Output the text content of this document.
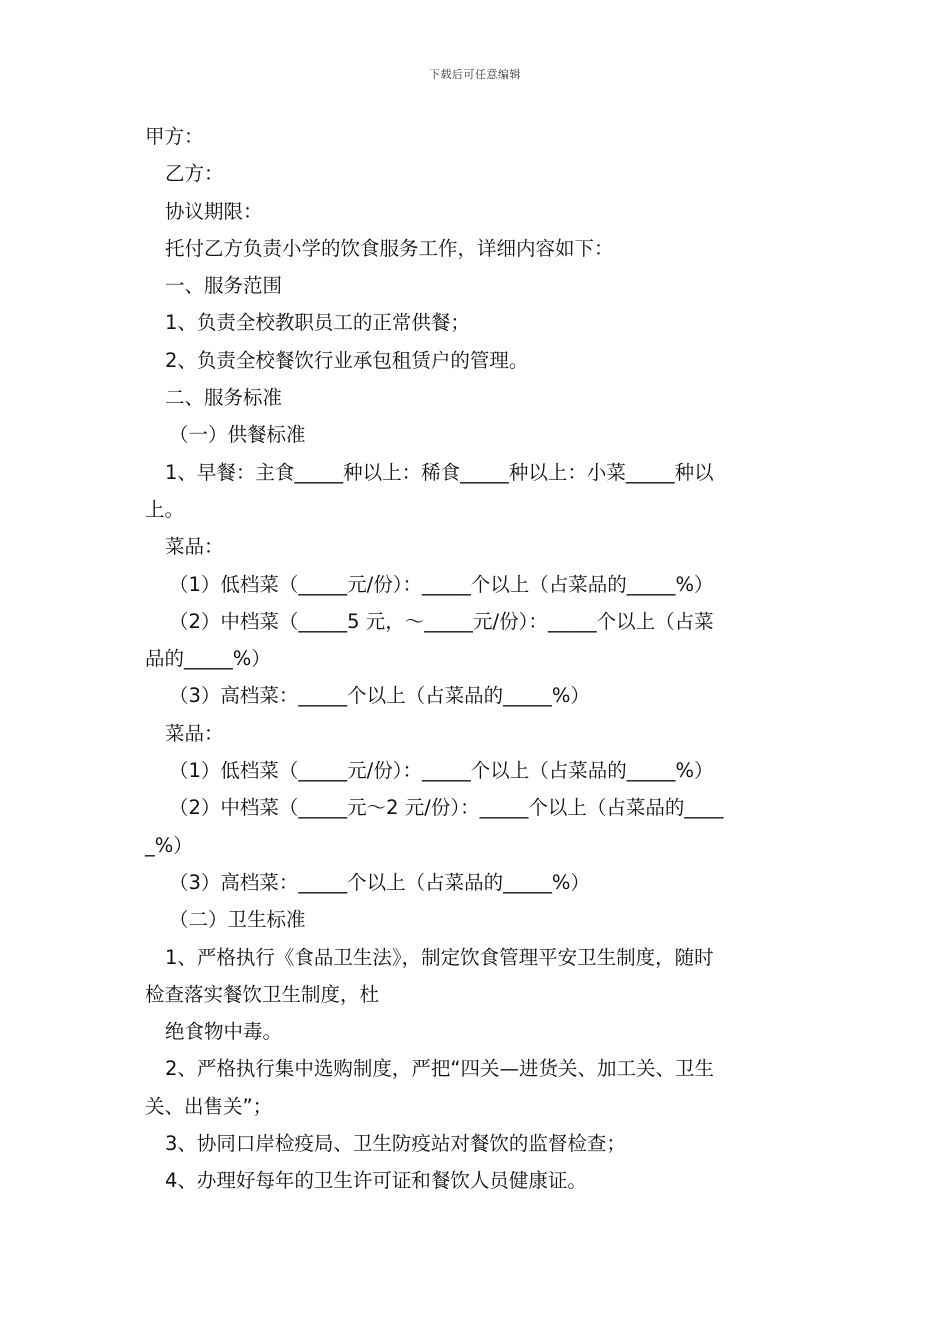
下载后可任意编辑
甲方：
乙方：
协议期限：
托付乙方负责小学的饮食服务工作，详细内容如下：
一、服务范围
1、负责全校教职员工的正常供餐；
2、负责全校餐饮行业承包租赁户的管理。
二、服务标准
（一）供餐标准
1、早餐：主食_____种以上：稀食_____种以上：小菜_____种以
上。
菜品：
（1）低档菜（_____元/份）：_____个以上（占菜品的_____%）
（2）中档菜（_____5 元，～_____元/份）：_____个以上（占菜
品的_____%）
（3）高档菜：_____个以上（占菜品的_____%）
菜品：
（1）低档菜（_____元/份）：_____个以上（占菜品的_____%）
（2）中档菜（_____元～2 元/份）：_____个以上（占菜品的____
_%）
（3）高档菜：_____个以上（占菜品的_____%）
（二）卫生标准
1、严格执行《食品卫生法》，制定饮食管理平安卫生制度，随时
检查落实餐饮卫生制度，杜
绝食物中毒。
2、严格执行集中选购制度，严把“四关—进货关、加工关、卫生
关、出售关”；
3、协同口岸检疫局、卫生防疫站对餐饮的监督检查；
4、办理好每年的卫生许可证和餐饮人员健康证。
